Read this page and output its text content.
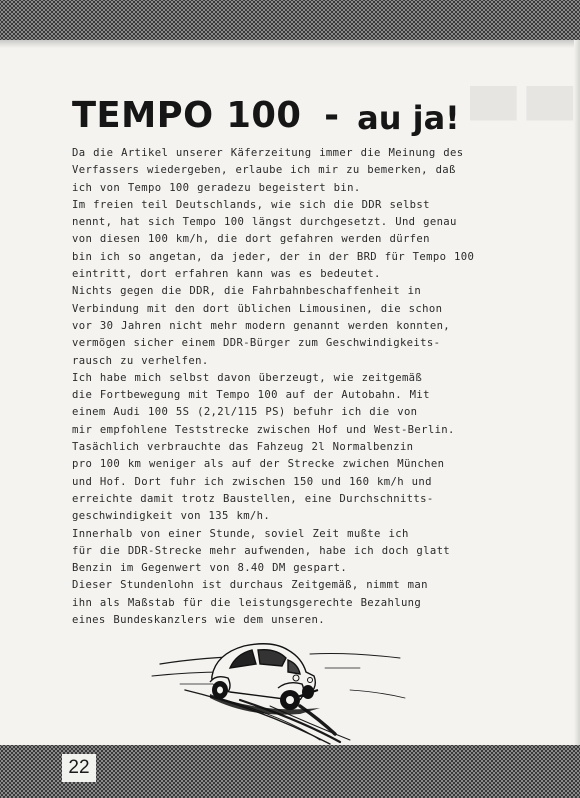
██ ██
TEMPO 100 - au ja!
Da die Artikel unserer Käferzeitung immer die Meinung des
Verfassers wiedergeben, erlaube ich mir zu bemerken, daß
ich von Tempo 100 geradezu begeistert bin.
Im freien teil Deutschlands, wie sich die DDR selbst
nennt, hat sich Tempo 100 längst durchgesetzt. Und genau
von diesen 100 km/h, die dort gefahren werden dürfen
bin ich so angetan, da jeder, der in der BRD für Tempo 100
eintritt, dort erfahren kann was es bedeutet.
Nichts gegen die DDR, die Fahrbahnbeschaffenheit in
Verbindung mit den dort üblichen Limousinen, die schon
vor 30 Jahren nicht mehr modern genannt werden konnten,
vermögen sicher einem DDR-Bürger zum Geschwindigkeits-
rausch zu verhelfen.
Ich habe mich selbst davon überzeugt, wie zeitgemäß
die Fortbewegung mit Tempo 100 auf der Autobahn. Mit
einem Audi 100 5S (2,2l/115 PS) befuhr ich die von
mir empfohlene Teststrecke zwischen Hof und West-Berlin.
Tasächlich verbrauchte das Fahzeug 2l Normalbenzin
pro 100 km weniger als auf der Strecke zwichen München
und Hof. Dort fuhr ich zwischen 150 und 160 km/h und
erreichte damit trotz Baustellen, eine Durchschnitts-
geschwindigkeit von 135 km/h.
Innerhalb von einer Stunde, soviel Zeit mußte ich
für die DDR-Strecke mehr aufwenden, habe ich doch glatt
Benzin im Gegenwert von 8.40 DM gespart.
Dieser Stundenlohn ist durchaus Zeitgemäß, nimmt man
ihn als Maßstab für die leistungsgerechte Bezahlung
eines Bundeskanzlers wie dem unseren.
22
